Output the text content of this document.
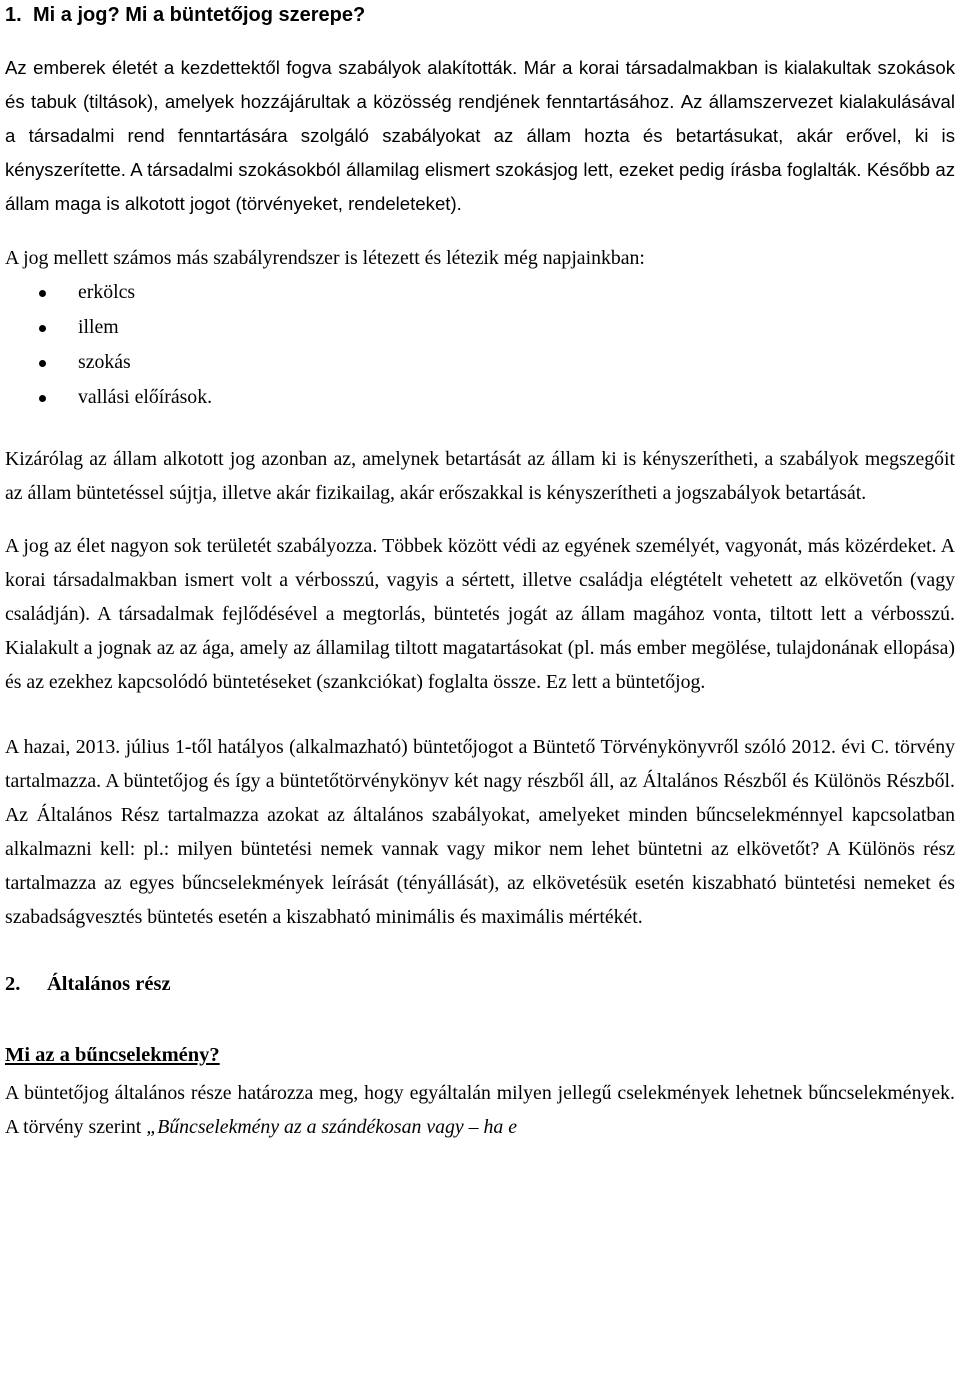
1. Mi a jog? Mi a büntetőjog szerepe?

Az emberek életét a kezdettektől fogva szabályok alakították. Már a korai társadalmakban is kialakultak szokások és tabuk (tiltások), amelyek hozzájárultak a közösség rendjének fenntartásához. Az államszervezet kialakulásával a társadalmi rend fenntartására szolgáló szabályokat az állam hozta és betartásukat, akár erővel, ki is kényszerítette. A társadalmi szokásokból államilag elismert szokásjog lett, ezeket pedig írásba foglalták. Később az állam maga is alkotott jogot (törvényeket, rendeleteket).

A jog mellett számos más szabályrendszer is létezett és létezik még napjainkban:

erkölcs
illem
szokás
vallási előírások.

Kizárólag az állam alkotott jog azonban az, amelynek betartását az állam ki is kényszerítheti, a szabályok megszegőit az állam büntetéssel sújtja, illetve akár fizikailag, akár erőszakkal is kényszerítheti a jogszabályok betartását.

A jog az élet nagyon sok területét szabályozza. Többek között védi az egyének személyét, vagyonát, más közérdeket. A korai társadalmakban ismert volt a vérbosszú, vagyis a sértett, illetve családja elégtételt vehetett az elkövetőn (vagy családján). A társadalmak fejlődésével a megtorlás, büntetés jogát az állam magához vonta, tiltott lett a vérbosszú. Kialakult a jognak az az ága, amely az államilag tiltott magatartásokat (pl. más ember megölése, tulajdonának ellopása) és az ezekhez kapcsolódó büntetéseket (szankciókat) foglalta össze. Ez lett a büntetőjog.

A hazai, 2013. július 1-től hatályos (alkalmazható) büntetőjogot a Büntető Törvénykönyvről szóló 2012. évi C. törvény tartalmazza. A büntetőjog és így a büntetőtörvénykönyv két nagy részből áll, az Általános Részből és Különös Részből. Az Általános Rész tartalmazza azokat az általános szabályokat, amelyeket minden bűncselekménnyel kapcsolatban alkalmazni kell: pl.: milyen büntetési nemek vannak vagy mikor nem lehet büntetni az elkövetőt? A Különös rész tartalmazza az egyes bűncselekmények leírását (tényállását), az elkövetésük esetén kiszabható büntetési nemeket és szabadságvesztés büntetés esetén a kiszabható minimális és maximális mértékét.

2. Általános rész
Mi az a bűncselekmény?

A büntetőjog általános része határozza meg, hogy egyáltalán milyen jellegű cselekmények lehetnek bűncselekmények. A törvény szerint „Bűncselekmény az a szándékosan vagy – ha e
